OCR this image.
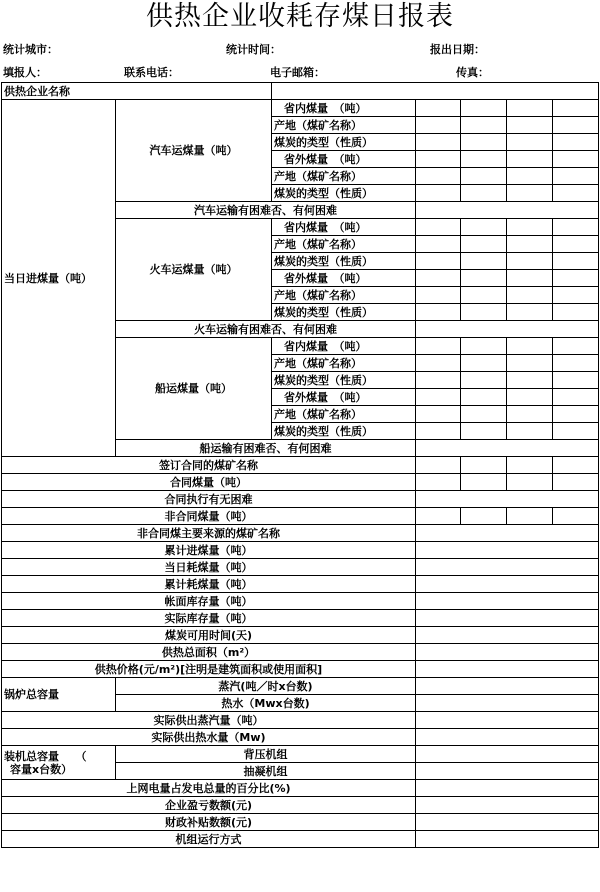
供热企业收耗存煤日报表
统计城市：	统计时间：	报出日期：
填报人：	联系电话：	电子邮箱：	传真：
供热企业名称						
当日进煤量（吨）	汽车运煤量（吨）	省内煤量　（吨）				
		产地（煤矿名称）				
		煤炭的类型（性质）				
		省外煤量　（吨）				
		产地（煤矿名称）				
		煤炭的类型（性质）				
	汽车运输有困难否、有何困难					
	火车运煤量（吨）	省内煤量　（吨）				
		产地（煤矿名称）				
		煤炭的类型（性质）				
		省外煤量　（吨）				
		产地（煤矿名称）				
		煤炭的类型（性质）				
	火车运输有困难否、有何困难					
	船运煤量（吨）	省内煤量　（吨）				
		产地（煤矿名称）				
		煤炭的类型（性质）				
		省外煤量　（吨）				
		产地（煤矿名称）				
		煤炭的类型（性质）				
	船运输有困难否、有何困难					
签订合同的煤矿名称						
合同煤量（吨）						
合同执行有无困难						
非合同煤量（吨）						
非合同煤主要来源的煤矿名称						
累计进煤量（吨）						
当日耗煤量（吨）						
累计耗煤量（吨）						
帐面库存量（吨）						
实际库存量（吨）						
煤炭可用时间(天)						
供热总面积（m²）						
供热价格(元/m²)[注明是建筑面积或使用面积]						
锅炉总容量	蒸汽(吨／时x台数)					
	热水（Mwx台数)					
实际供出蒸汽量（吨）						
实际供出热水量（Mw)						

装机总容量　　（
容量x台数）	背压机组					
	抽凝机组					
上网电量占发电总量的百分比(%)						
企业盈亏数额(元)						
财政补贴数额(元)						
机组运行方式						
